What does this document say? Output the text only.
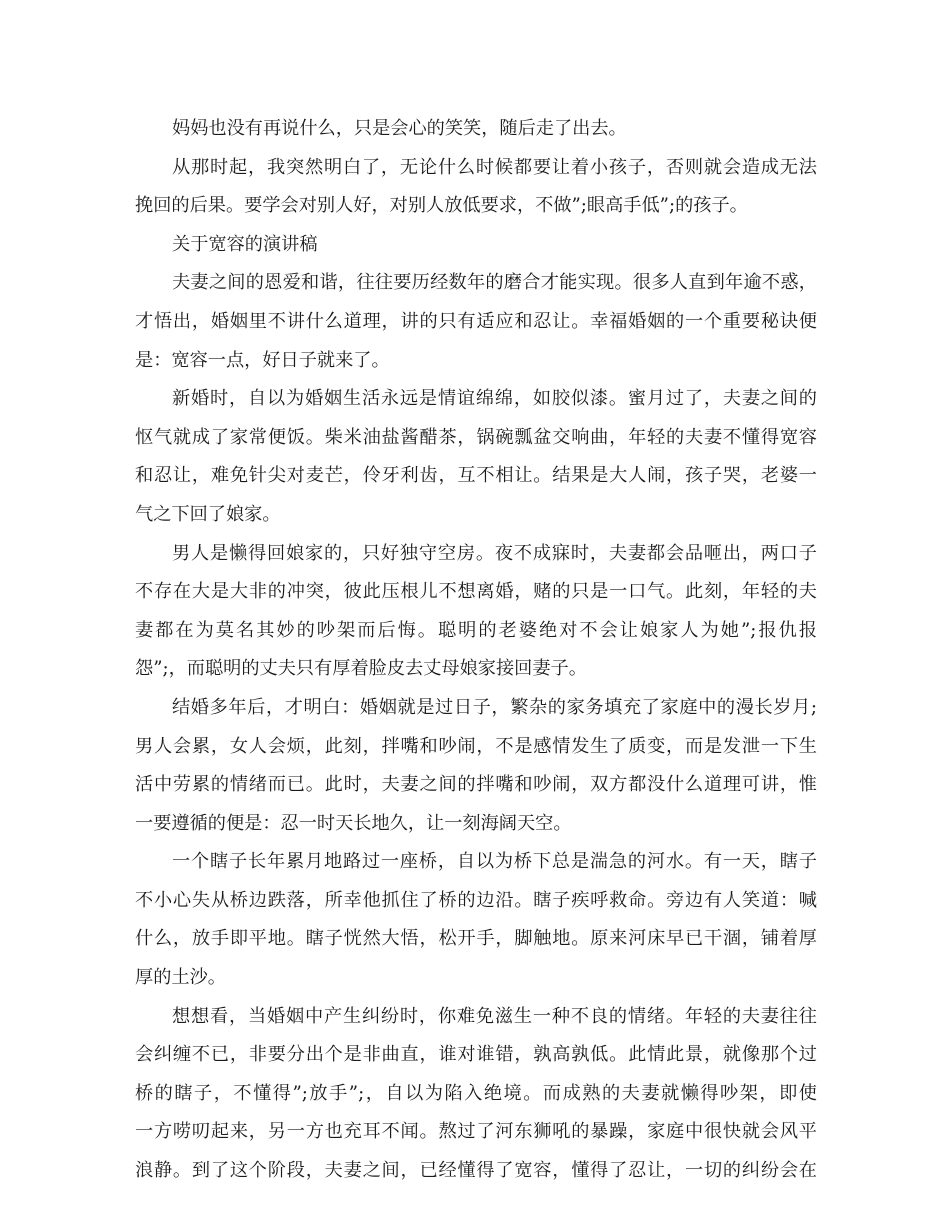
妈妈也没有再说什么，只是会心的笑笑，随后走了出去。
从那时起，我突然明白了，无论什么时候都要让着小孩子，否则就会造成无法
挽回的后果。要学会对别人好，对别人放低要求，不做”;眼高手低”;的孩子。
关于宽容的演讲稿
夫妻之间的恩爱和谐，往往要历经数年的磨合才能实现。很多人直到年逾不惑，
才悟出，婚姻里不讲什么道理，讲的只有适应和忍让。幸福婚姻的一个重要秘诀便
是：宽容一点，好日子就来了。
新婚时，自以为婚姻生活永远是情谊绵绵，如胶似漆。蜜月过了，夫妻之间的
怄气就成了家常便饭。柴米油盐酱醋茶，锅碗瓢盆交响曲，年轻的夫妻不懂得宽容
和忍让，难免针尖对麦芒，伶牙利齿，互不相让。结果是大人闹，孩子哭，老婆一
气之下回了娘家。
男人是懒得回娘家的，只好独守空房。夜不成寐时，夫妻都会品咂出，两口子
不存在大是大非的冲突，彼此压根儿不想离婚，赌的只是一口气。此刻，年轻的夫
妻都在为莫名其妙的吵架而后悔。聪明的老婆绝对不会让娘家人为她”;报仇报
怨”;，而聪明的丈夫只有厚着脸皮去丈母娘家接回妻子。
结婚多年后，才明白：婚姻就是过日子，繁杂的家务填充了家庭中的漫长岁月;
男人会累，女人会烦，此刻，拌嘴和吵闹，不是感情发生了质变，而是发泄一下生
活中劳累的情绪而已。此时，夫妻之间的拌嘴和吵闹，双方都没什么道理可讲，惟
一要遵循的便是：忍一时天长地久，让一刻海阔天空。
一个瞎子长年累月地路过一座桥，自以为桥下总是湍急的河水。有一天，瞎子
不小心失从桥边跌落，所幸他抓住了桥的边沿。瞎子疾呼救命。旁边有人笑道：喊
什么，放手即平地。瞎子恍然大悟，松开手，脚触地。原来河床早已干涸，铺着厚
厚的土沙。
想想看，当婚姻中产生纠纷时，你难免滋生一种不良的情绪。年轻的夫妻往往
会纠缠不已，非要分出个是非曲直，谁对谁错，孰高孰低。此情此景，就像那个过
桥的瞎子，不懂得”;放手”;，自以为陷入绝境。而成熟的夫妻就懒得吵架，即使
一方唠叨起来，另一方也充耳不闻。熬过了河东狮吼的暴躁，家庭中很快就会风平
浪静。到了这个阶段，夫妻之间，已经懂得了宽容，懂得了忍让，一切的纠纷会在
